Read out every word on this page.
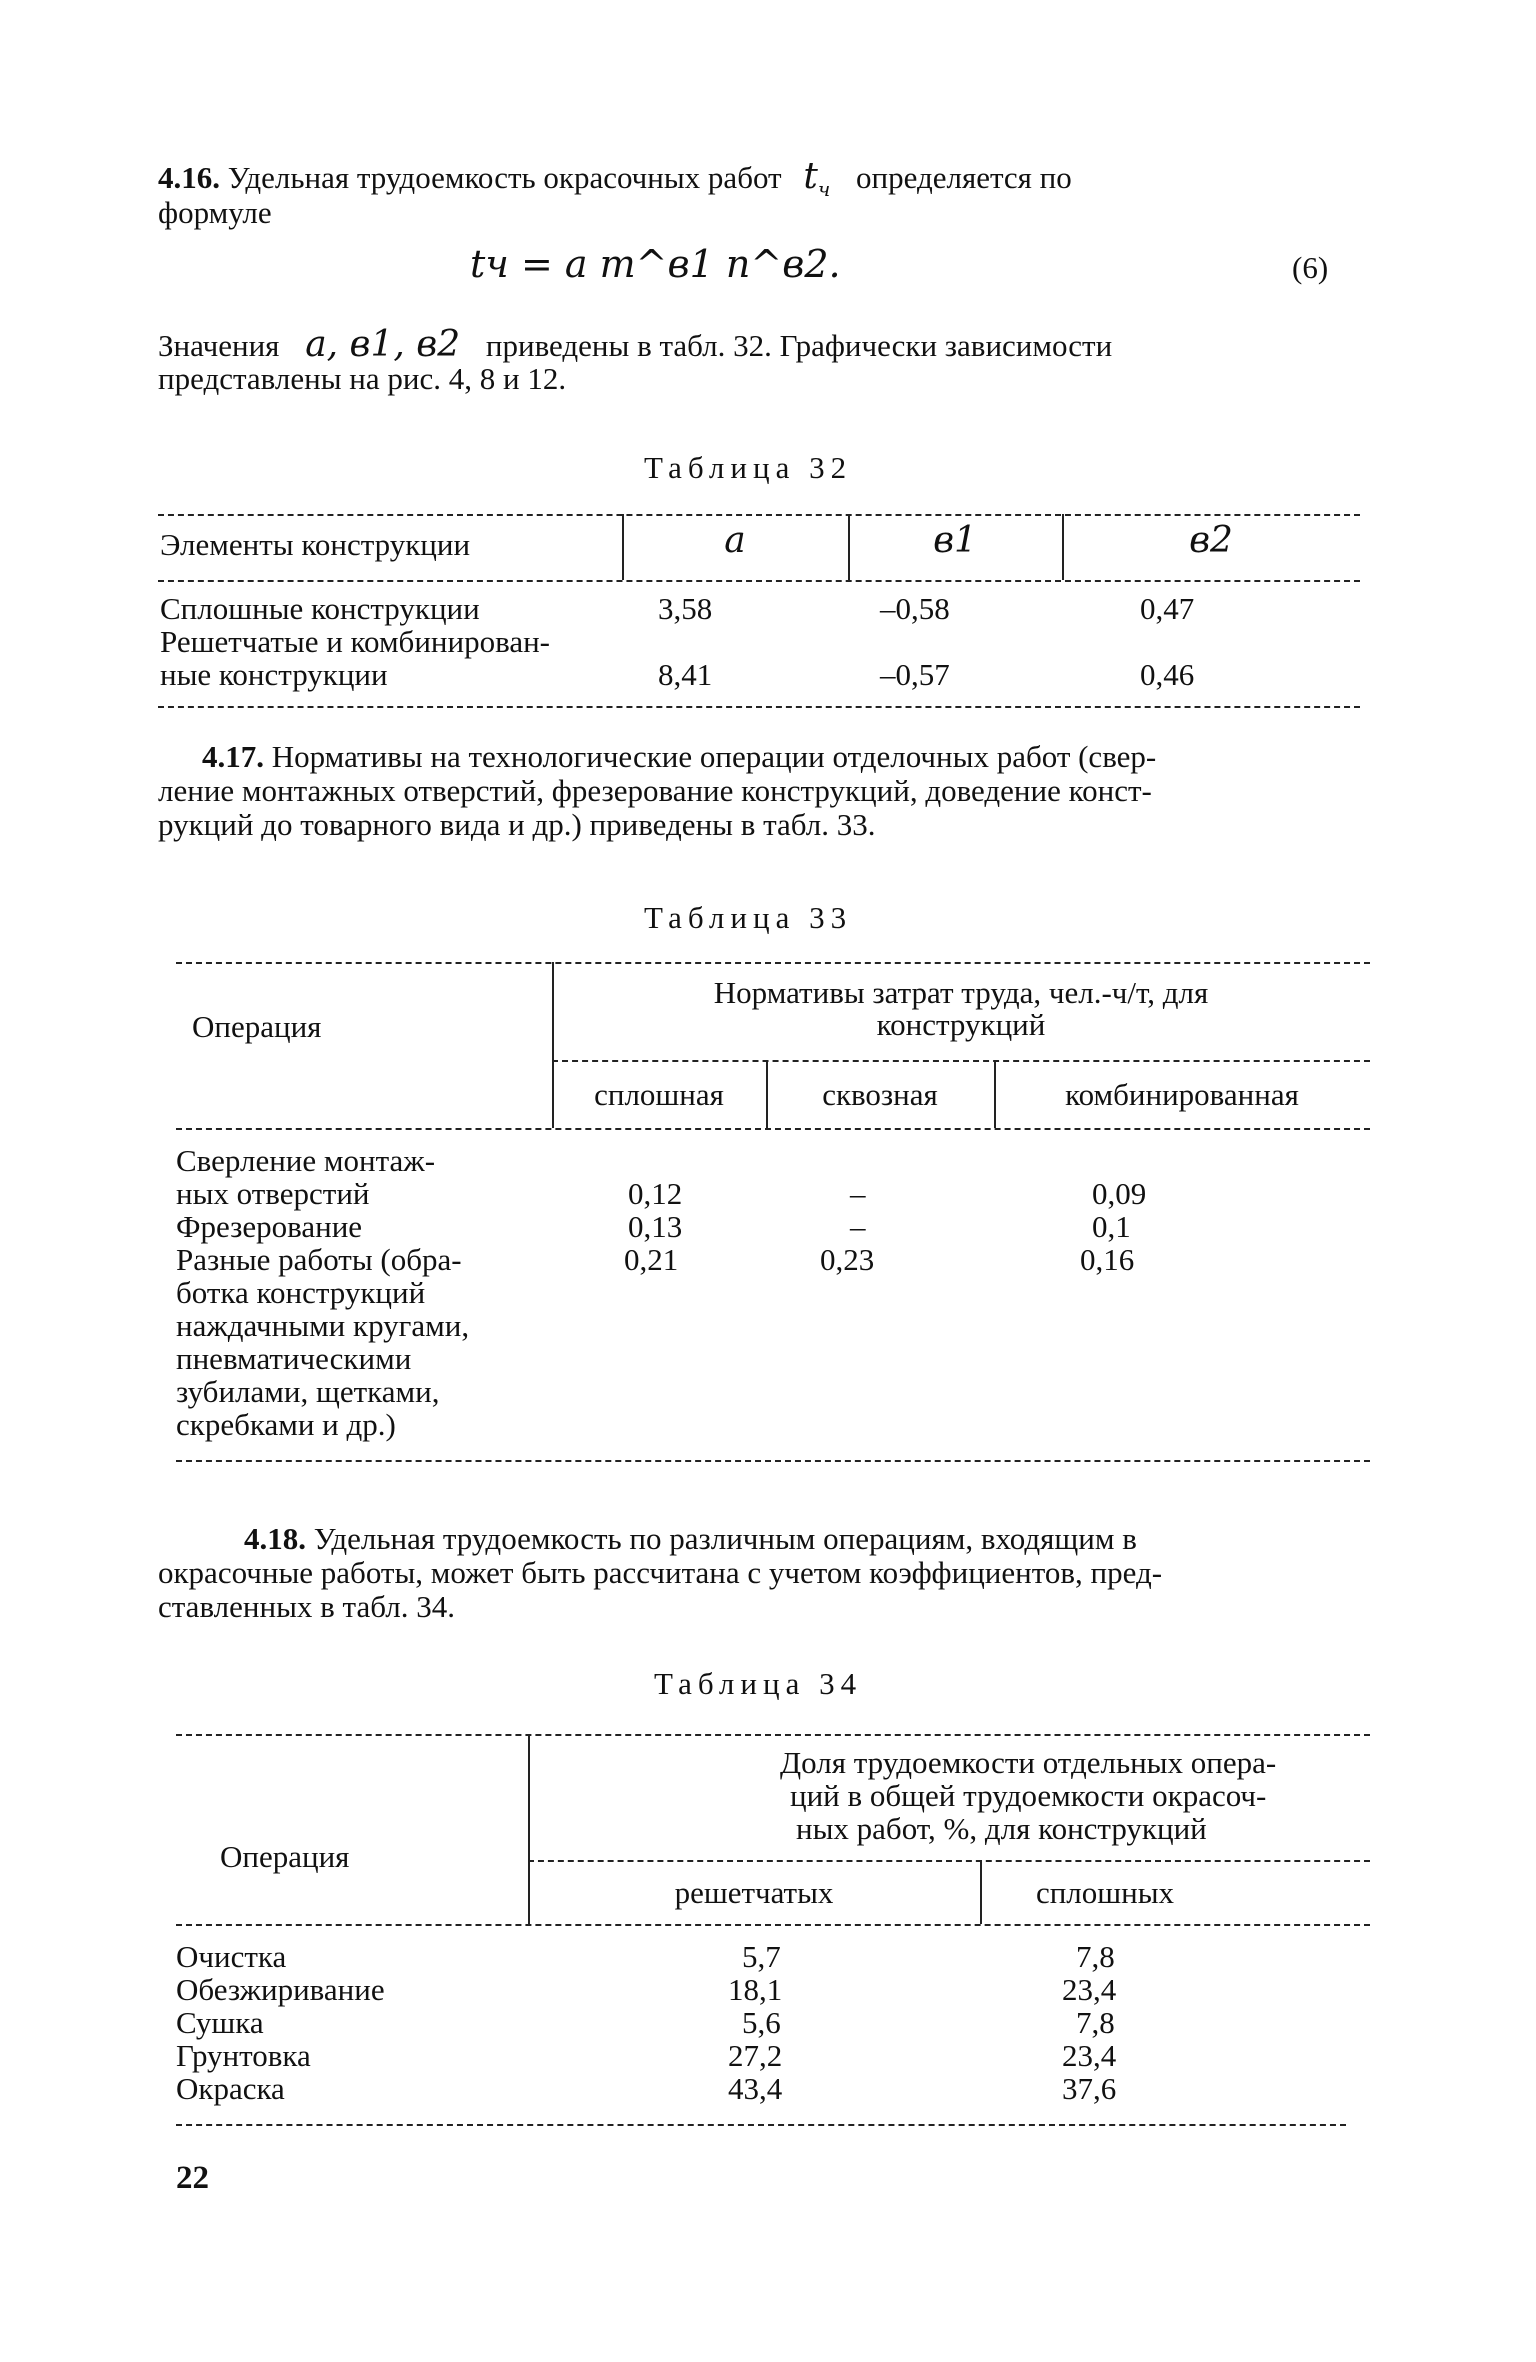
4.16. Удельная трудоемкость окрасочных работ $t_ч$ определяется по
формуле
tч = a m^в1 n^в2.	(6)
Значения a, в1, в2 приведены в табл. 32. Графически зависимости
представлены на рис. 4, 8 и 12.
Таблица 32
Элементы конструкции	a	в1	в2
Сплошные конструкции	3,58	–0,58	0,47
Решетчатые и комбинирован-
ные конструкции	8,41	–0,57	0,46
4.17. Нормативы на технологические операции отделочных работ (свер-
ление монтажных отверстий, фрезерование конструкций, доведение конст-
рукций до товарного вида и др.) приведены в табл. 33.
Таблица 33
Операция
Нормативы затрат труда, чел.-ч/т, для
конструкций
сплошная	сквозная	комбинированная
Сверление монтаж-
ных отверстий	0,12	–	0,09
Фрезерование	0,13	–	0,1
Разные работы (обра-
ботка конструкций
наждачными кругами,
пневматическими
зубилами, щетками,
скребками и др.)
0,21	0,23	0,16
4.18. Удельная трудоемкость по различным операциям, входящим в
окрасочные работы, может быть рассчитана с учетом коэффициентов, пред-
ставленных в табл. 34.
Таблица 34
Операция
Доля трудоемкости отдельных опера-
ций в общей трудоемкости окрасоч-
ных работ, %, для конструкций
решетчатых	сплошных
Очистка	5,7	7,8
Обезжиривание	18,1	23,4
Сушка	5,6	7,8
Грунтовка	27,2	23,4
Окраска	43,4	37,6
22
